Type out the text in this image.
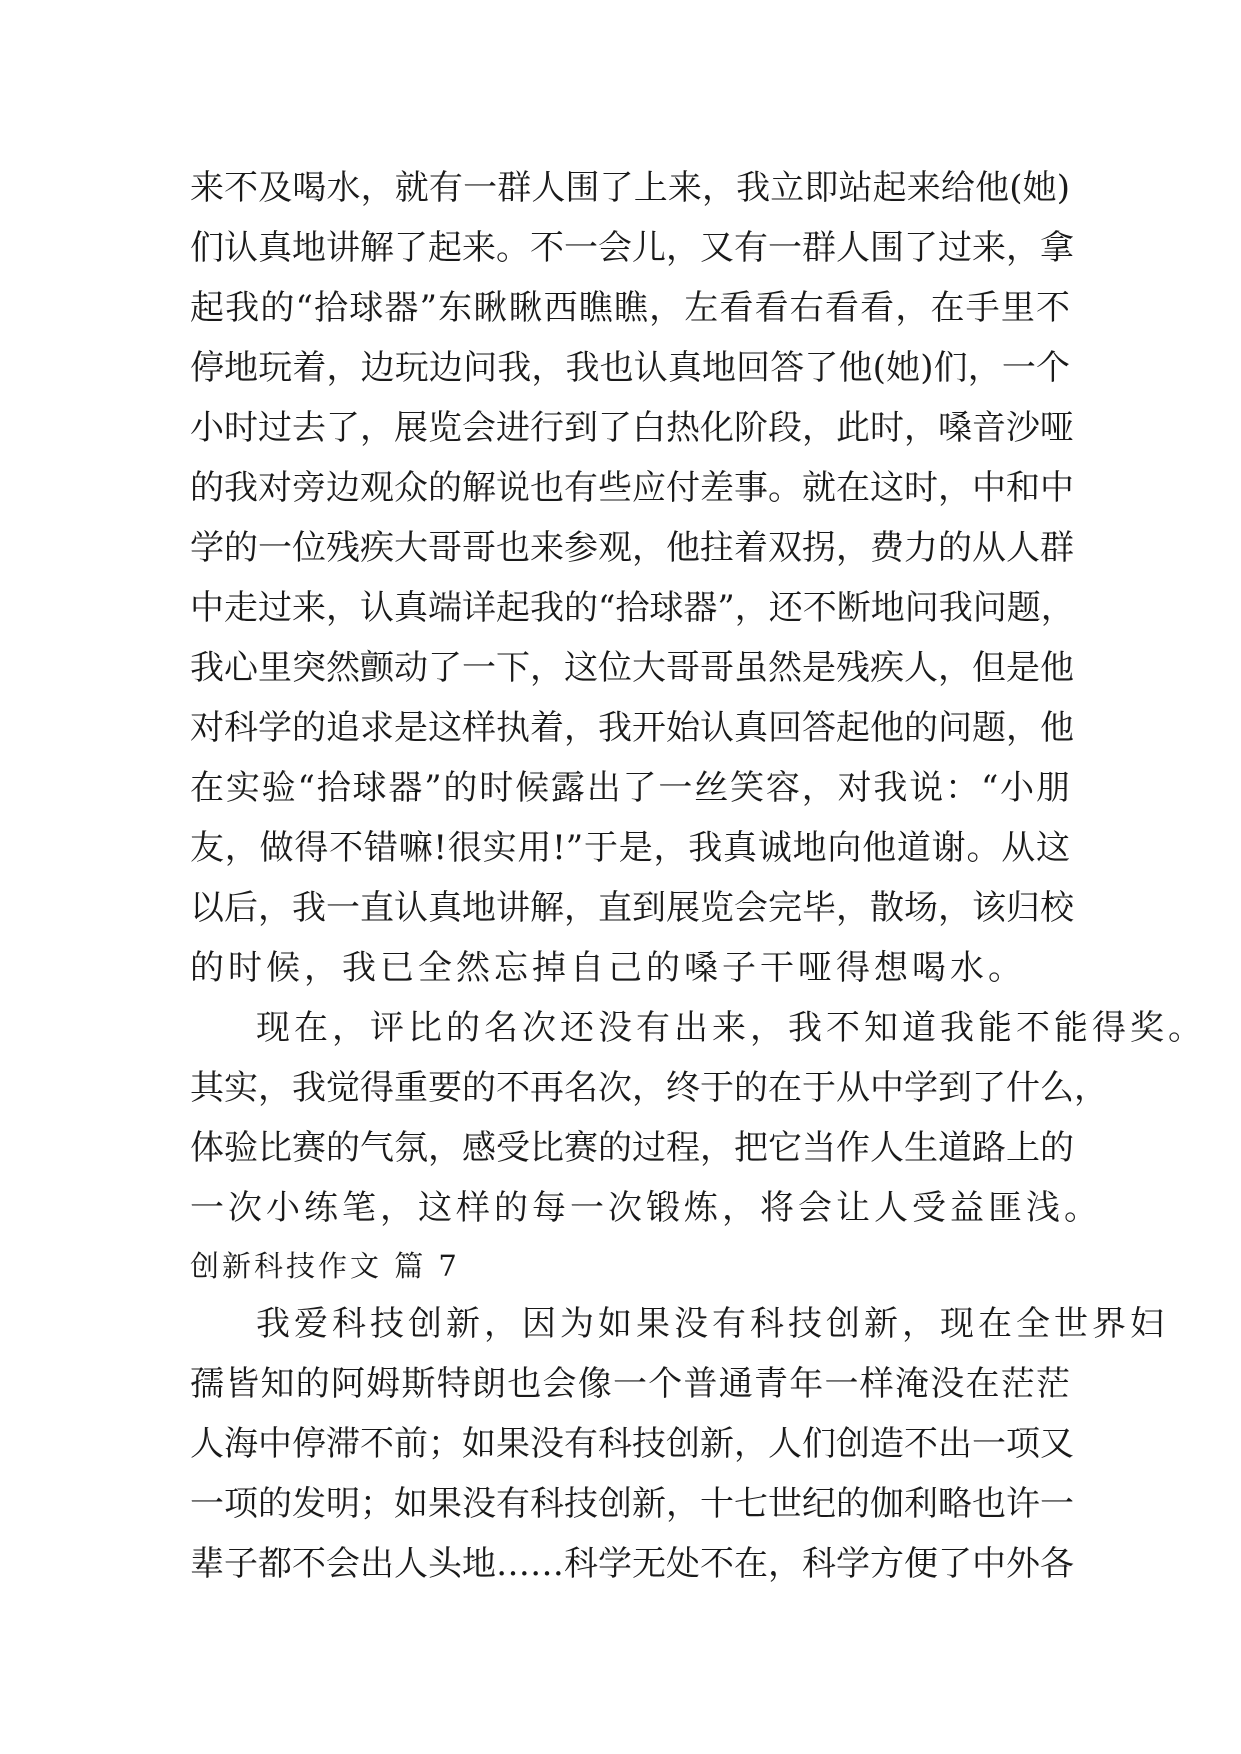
来不及喝水，就有一群人围了上来，我立即站起来给他(她)
们认真地讲解了起来。不一会儿，又有一群人围了过来，拿
起我的“拾球器”东瞅瞅西瞧瞧，左看看右看看，在手里不
停地玩着，边玩边问我，我也认真地回答了他(她)们，一个
小时过去了，展览会进行到了白热化阶段，此时，嗓音沙哑
的我对旁边观众的解说也有些应付差事。就在这时，中和中
学的一位残疾大哥哥也来参观，他拄着双拐，费力的从人群
中走过来，认真端详起我的“拾球器”，还不断地问我问题，
我心里突然颤动了一下，这位大哥哥虽然是残疾人，但是他
对科学的追求是这样执着，我开始认真回答起他的问题，他
在实验“拾球器”的时候露出了一丝笑容，对我说：“小朋
友，做得不错嘛!很实用!”于是，我真诚地向他道谢。从这
以后，我一直认真地讲解，直到展览会完毕，散场，该归校
的时候，我已全然忘掉自己的嗓子干哑得想喝水。
现在，评比的名次还没有出来，我不知道我能不能得奖。
其实，我觉得重要的不再名次，终于的在于从中学到了什么，
体验比赛的气氛，感受比赛的过程，把它当作人生道路上的
一次小练笔，这样的每一次锻炼，将会让人受益匪浅。
创新科技作文 篇 7
我爱科技创新，因为如果没有科技创新，现在全世界妇
孺皆知的阿姆斯特朗也会像一个普通青年一样淹没在茫茫
人海中停滞不前；如果没有科技创新，人们创造不出一项又
一项的发明；如果没有科技创新，十七世纪的伽利略也许一
辈子都不会出人头地……科学无处不在，科学方便了中外各
